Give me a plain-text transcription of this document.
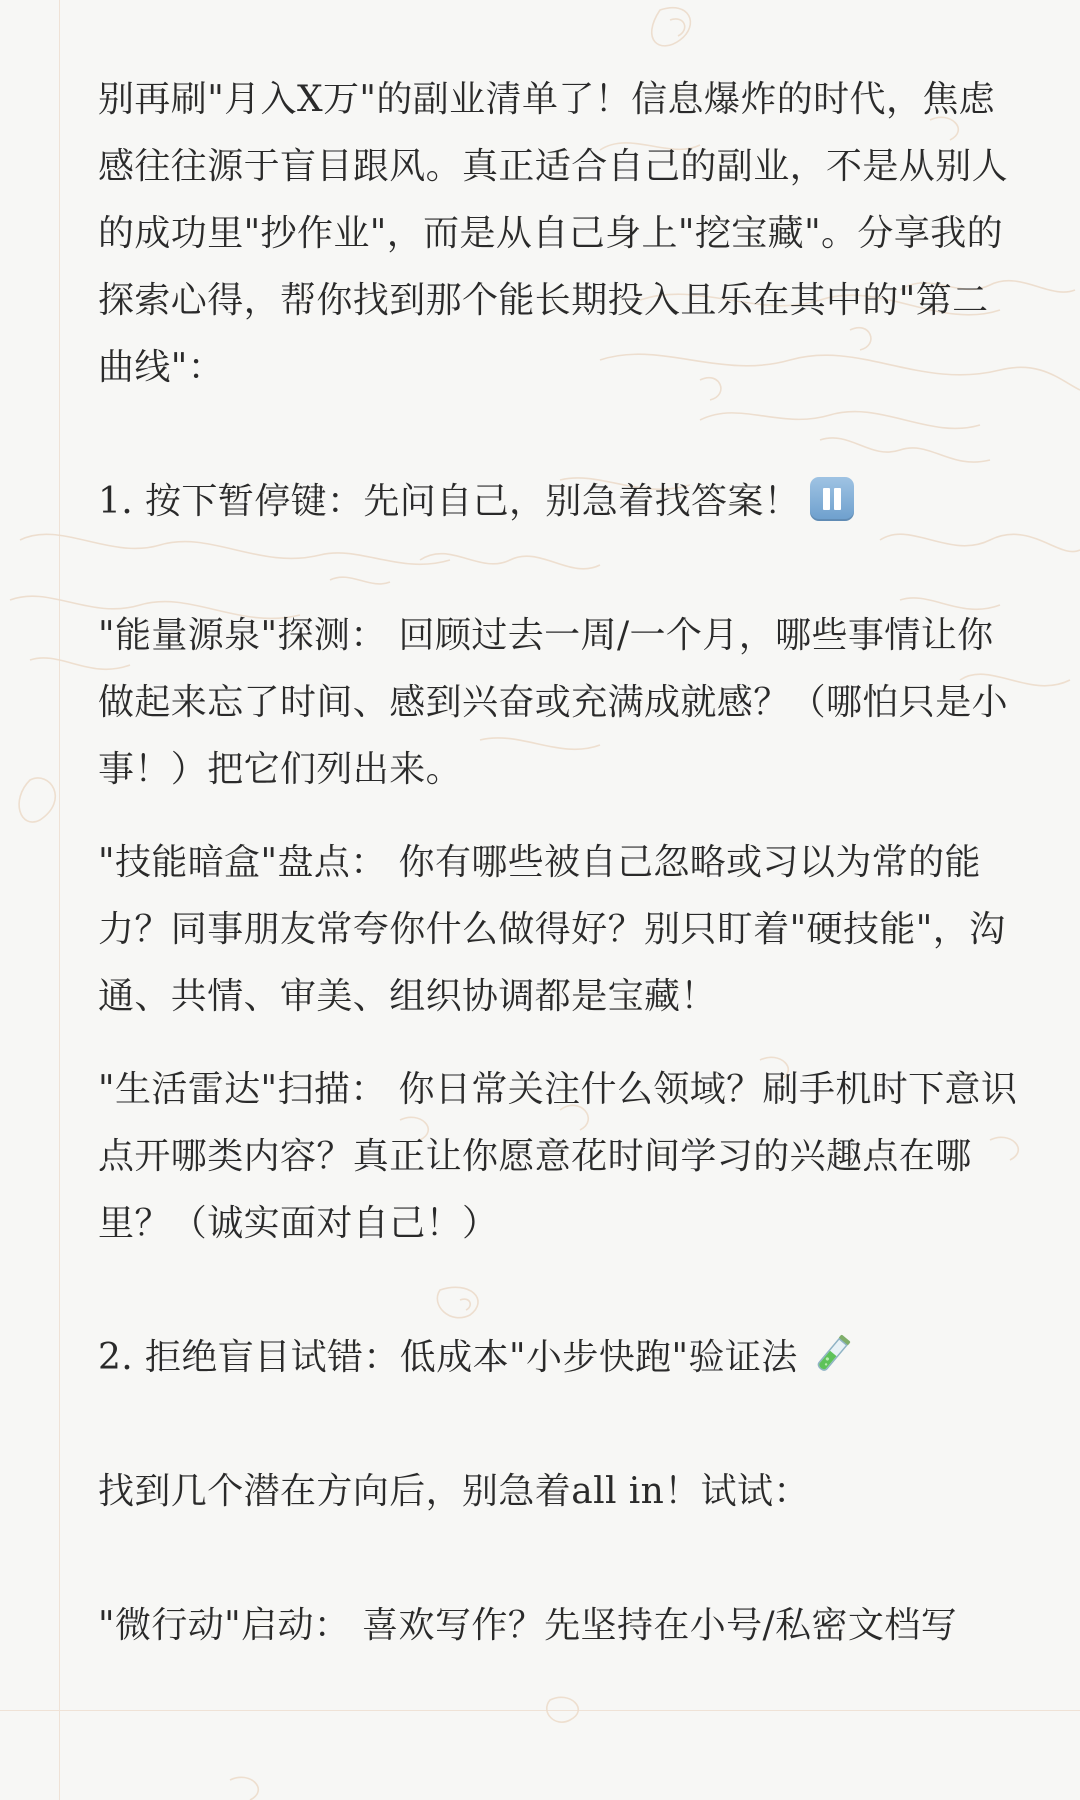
别再刷"月入X万"的副业清单了！信息爆炸的时代，焦虑感往往源于盲目跟风。真正适合自己的副业，不是从别人的成功里"抄作业"，而是从自己身上"挖宝藏"。分享我的探索心得，帮你找到那个能长期投入且乐在其中的"第二曲线"：

1. 按下暂停键：先问自己，别急着找答案！

"能量源泉"探测： 回顾过去一周/一个月，哪些事情让你做起来忘了时间、感到兴奋或充满成就感？（哪怕只是小事！）把它们列出来。

"技能暗盒"盘点： 你有哪些被自己忽略或习以为常的能力？同事朋友常夸你什么做得好？别只盯着"硬技能"，沟通、共情、审美、组织协调都是宝藏！

"生活雷达"扫描： 你日常关注什么领域？刷手机时下意识点开哪类内容？真正让你愿意花时间学习的兴趣点在哪里？（诚实面对自己！）

2. 拒绝盲目试错：低成本"小步快跑"验证法

找到几个潜在方向后，别急着all in！试试：

"微行动"启动： 喜欢写作？先坚持在小号/私密文档写
